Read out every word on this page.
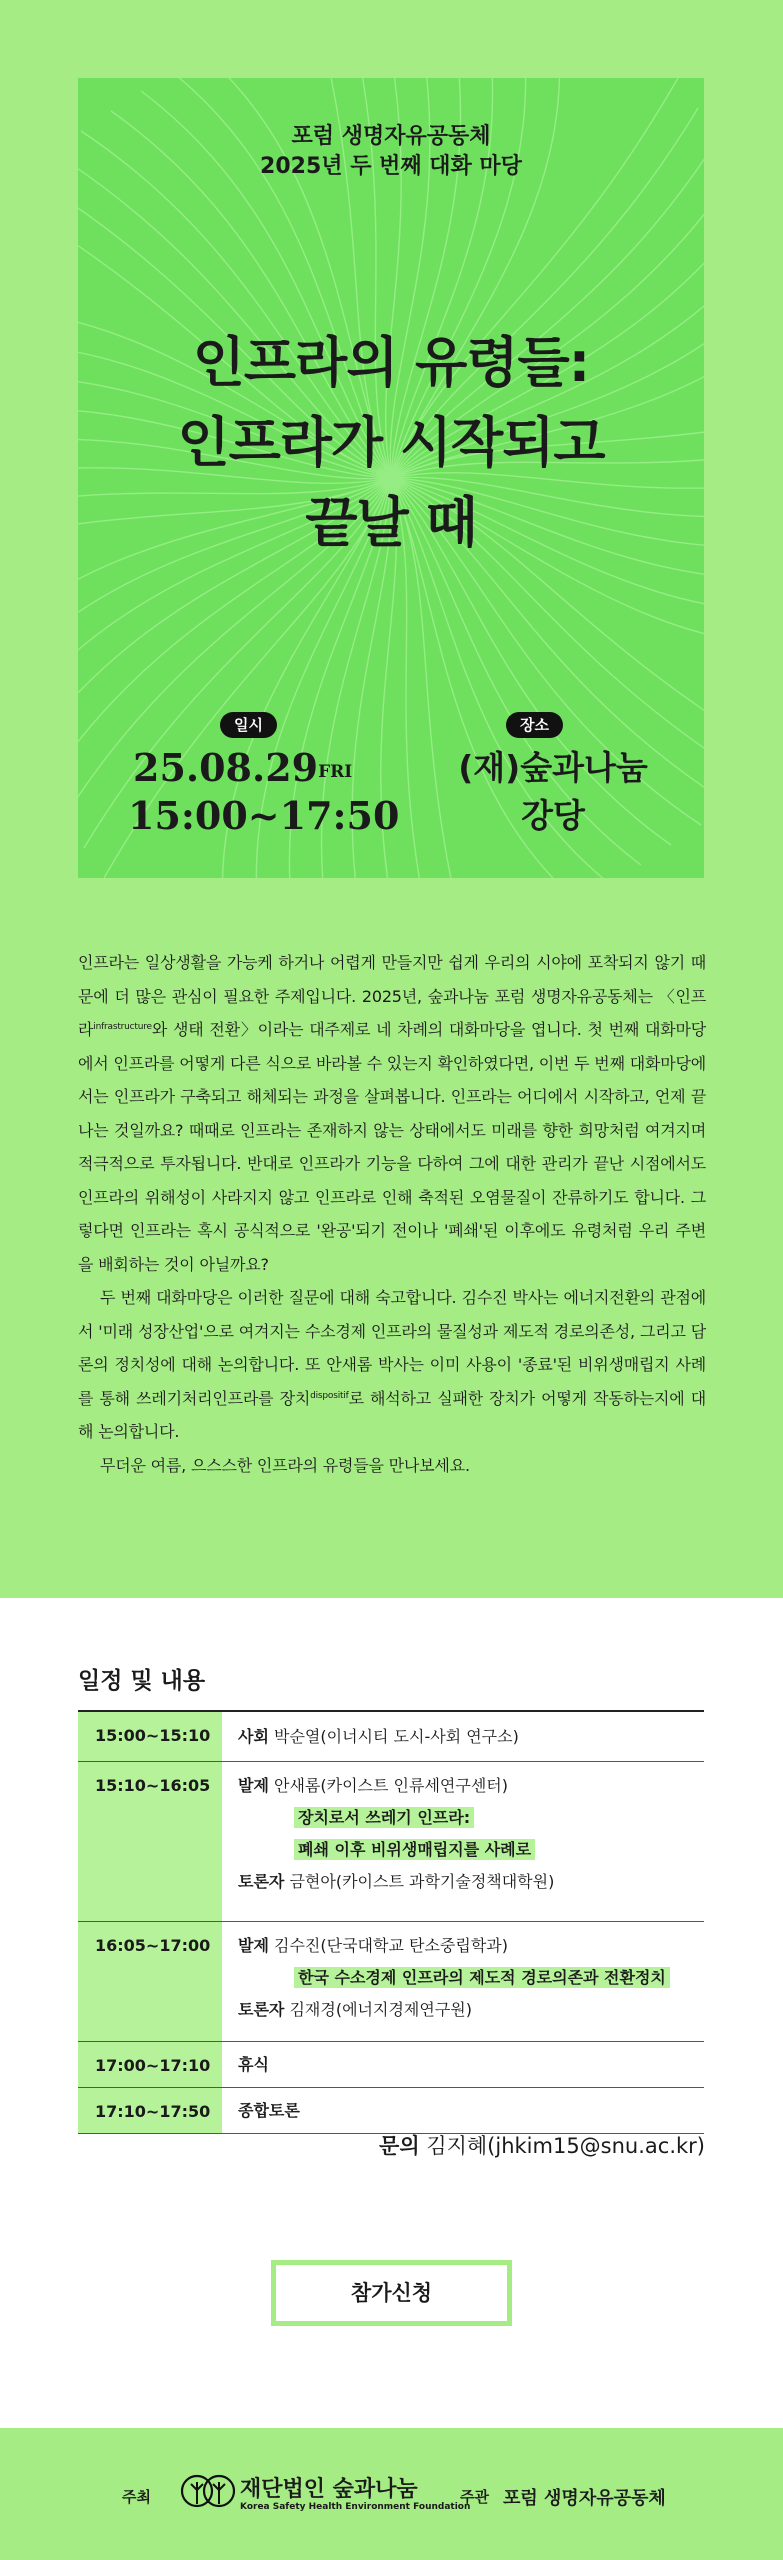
포럼 생명자유공동체
2025년 두 번째 대화 마당
인프라의 유령들:
인프라가 시작되고
끝날 때
일시
$25.08.29^{FRI}$
15:00~17:50
장소
(재)숲과나눔
강당

인프라는 일상생활을 가능케 하거나 어렵게 만들지만 쉽게 우리의 시야에 포착되지 않기 때문에 더 많은 관심이 필요한 주제입니다. 2025년, 숲과나눔 포럼 생명자유공동체는 〈인프라$^{infrastructure}$와 생태 전환〉이라는 대주제로 네 차례의 대화마당을 엽니다. 첫 번째 대화마당에서 인프라를 어떻게 다른 식으로 바라볼 수 있는지 확인하였다면, 이번 두 번째 대화마당에서는 인프라가 구축되고 해체되는 과정을 살펴봅니다. 인프라는 어디에서 시작하고, 언제 끝나는 것일까요? 때때로 인프라는 존재하지 않는 상태에서도 미래를 향한 희망처럼 여겨지며 적극적으로 투자됩니다. 반대로 인프라가 기능을 다하여 그에 대한 관리가 끝난 시점에서도 인프라의 위해성이 사라지지 않고 인프라로 인해 축적된 오염물질이 잔류하기도 합니다. 그렇다면 인프라는 혹시 공식적으로 '완공'되기 전이나 '폐쇄'된 이후에도 유령처럼 우리 주변을 배회하는 것이 아닐까요?

두 번째 대화마당은 이러한 질문에 대해 숙고합니다. 김수진 박사는 에너지전환의 관점에서 '미래 성장산업'으로 여겨지는 수소경제 인프라의 물질성과 제도적 경로의존성, 그리고 담론의 정치성에 대해 논의합니다. 또 안새롬 박사는 이미 사용이 '종료'된 비위생매립지 사례를 통해 쓰레기처리인프라를 장치$^{dispositif}$로 해석하고 실패한 장치가 어떻게 작동하는지에 대해 논의합니다.

무더운 여름, 으스스한 인프라의 유령들을 만나보세요.

일정 및 내용
15:00~15:10	사회 박순열(이너시티 도시-사회 연구소)
15:10~16:05	발제 안새롬(카이스트 인류세연구센터)
장치로서 쓰레기 인프라:
폐쇄 이후 비위생매립지를 사례로
토론자 금현아(카이스트 과학기술정책대학원)
16:05~17:00	발제 김수진(단국대학교 탄소중립학과)
한국 수소경제 인프라의 제도적 경로의존과 전환정치
토론자 김재경(에너지경제연구원)
17:00~17:10	휴식
17:10~17:50	종합토론
문의 김지혜(jhkim15@snu.ac.kr)
참가신청
주최	재단법인 숲과나눔
Korea Safety Health Environment Foundation
주관 포럼 생명자유공동체
